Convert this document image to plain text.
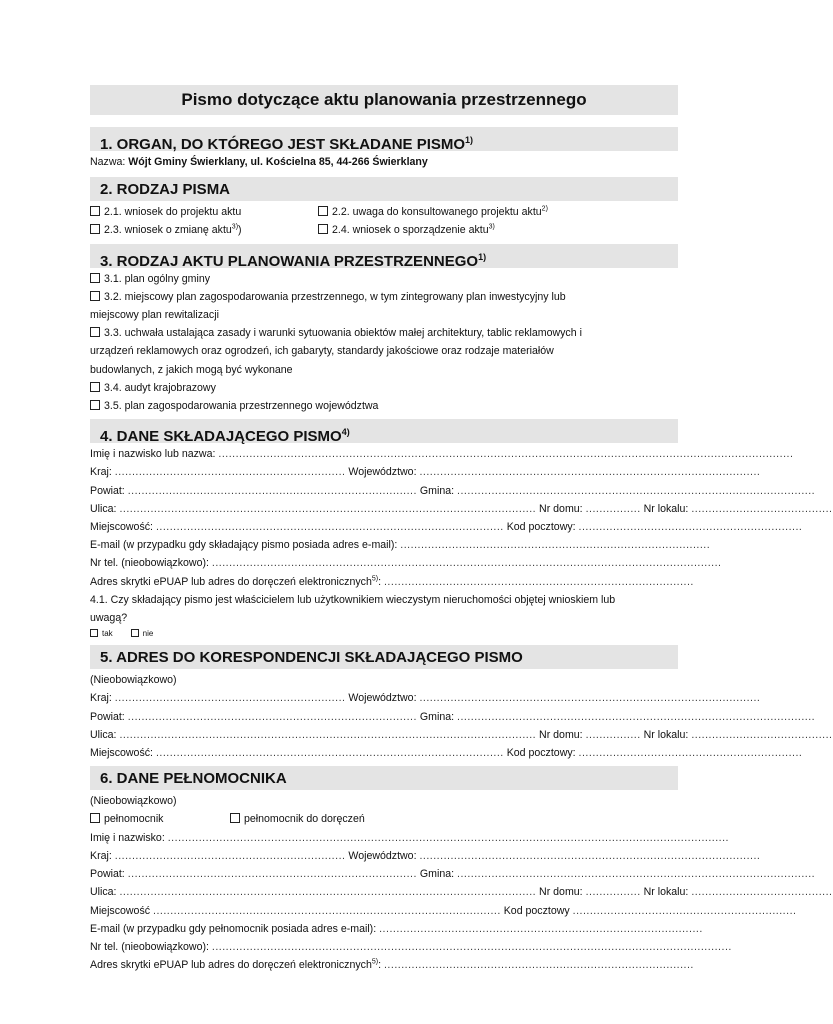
Pismo dotyczące aktu planowania przestrzennego
1. ORGAN, DO KTÓREGO JEST SKŁADANE PISMO$^{1)}$
Nazwa: Wójt Gminy Świerklany, ul. Kościelna 85, 44-266 Świerklany
2. RODZAJ PISMA
2.1. wniosek do projektu aktu	2.2. uwaga do konsultowanego projektu aktu$^{2)}$
2.3. wniosek o zmianę aktu$^{3)}$)	2.4. wniosek o sporządzenie aktu$^{3)}$
3. RODZAJ AKTU PLANOWANIA PRZESTRZENNEGO$^{1)}$
3.1. plan ogólny gminy
3.2. miejscowy plan zagospodarowania przestrzennego, w tym zintegrowany plan inwestycyjny lub
miejscowy plan rewitalizacji
3.3. uchwała ustalająca zasady i warunki sytuowania obiektów małej architektury, tablic reklamowych i
urządzeń reklamowych oraz ogrodzeń, ich gabaryty, standardy jakościowe oraz rodzaje materiałów
budowlanych, z jakich mogą być wykonane
3.4. audyt krajobrazowy
3.5. plan zagospodarowania przestrzennego województwa
4. DANE SKŁADAJĄCEGO PISMO$^{4)}$
Imię i nazwisko lub nazwa: .......................................................................................................................................................................
Kraj: ................................................................... Województwo: ...................................................................................................
Powiat: .................................................................................... Gmina: ........................................................................................................
Ulica: ......................................................................................................................... Nr domu: ................ Nr lokalu: .........................................
Miejscowość: ..................................................................................................... Kod pocztowy: .................................................................
E-mail (w przypadku gdy składający pismo posiada adres e-mail): ..........................................................................................
Nr tel. (nieobowiązkowo): ....................................................................................................................................................
Adres skrytki ePUAP lub adres do doręczeń elektronicznych$^{5)}$: ..........................................................................................
4.1. Czy składający pismo jest właścicielem lub użytkownikiem wieczystym nieruchomości objętej wnioskiem lub
uwagą?
tak	nie
5. ADRES DO KORESPONDENCJI SKŁADAJĄCEGO PISMO
(Nieobowiązkowo)
Kraj: ................................................................... Województwo: ...................................................................................................
Powiat: .................................................................................... Gmina: ........................................................................................................
Ulica: ......................................................................................................................... Nr domu: ................ Nr lokalu: .........................................
Miejscowość: ..................................................................................................... Kod pocztowy: .................................................................
6. DANE PEŁNOMOCNIKA
(Nieobowiązkowo)
pełnomocnik	pełnomocnik do doręczeń
Imię i nazwisko: ...................................................................................................................................................................
Kraj: ................................................................... Województwo: ...................................................................................................
Powiat: .................................................................................... Gmina: ........................................................................................................
Ulica: ......................................................................................................................... Nr domu: ................ Nr lokalu: .........................................
Miejscowość ..................................................................................................... Kod pocztowy .................................................................
E-mail (w przypadku gdy pełnomocnik posiada adres e-mail): ..............................................................................................
Nr tel. (nieobowiązkowo): .......................................................................................................................................................
Adres skrytki ePUAP lub adres do doręczeń elektronicznych$^{5)}$: ..........................................................................................
